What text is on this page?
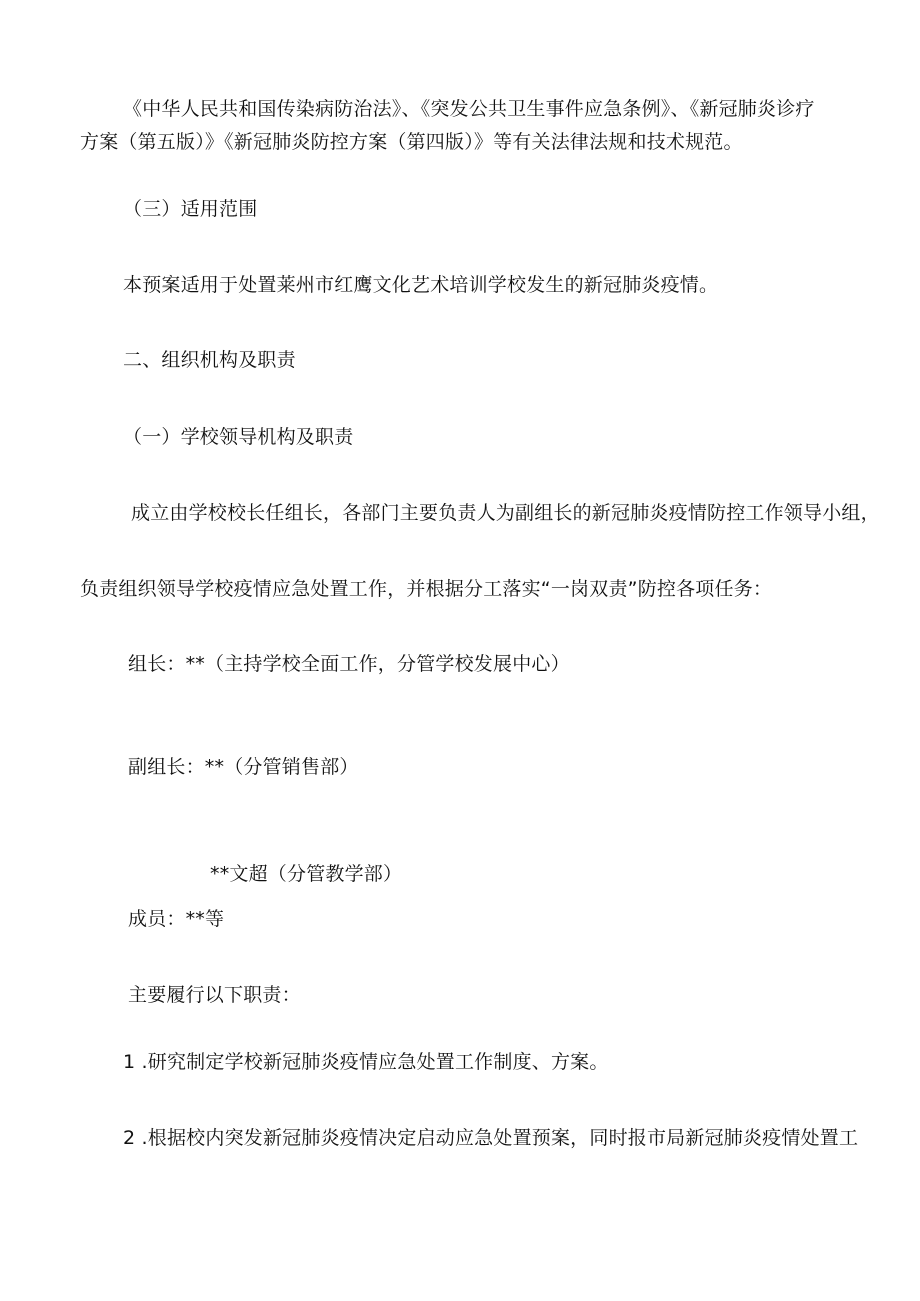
《中华人民共和国传染病防治法》、《突发公共卫生事件应急条例》、《新冠肺炎诊疗
方案（第五版）》《新冠肺炎防控方案（第四版）》等有关法律法规和技术规范。
（三）适用范围
本预案适用于处置莱州市红鹰文化艺术培训学校发生的新冠肺炎疫情。
二、组织机构及职责
（一）学校领导机构及职责
成立由学校校长任组长，各部门主要负责人为副组长的新冠肺炎疫情防控工作领导小组，
负责组织领导学校疫情应急处置工作，并根据分工落实“一岗双责”防控各项任务：
组长：**（主持学校全面工作，分管学校发展中心）
副组长：**（分管销售部）
**文超（分管教学部）
成员：**等
主要履行以下职责：
1 .研究制定学校新冠肺炎疫情应急处置工作制度、方案。
2 .根据校内突发新冠肺炎疫情决定启动应急处置预案，同时报市局新冠肺炎疫情处置工
